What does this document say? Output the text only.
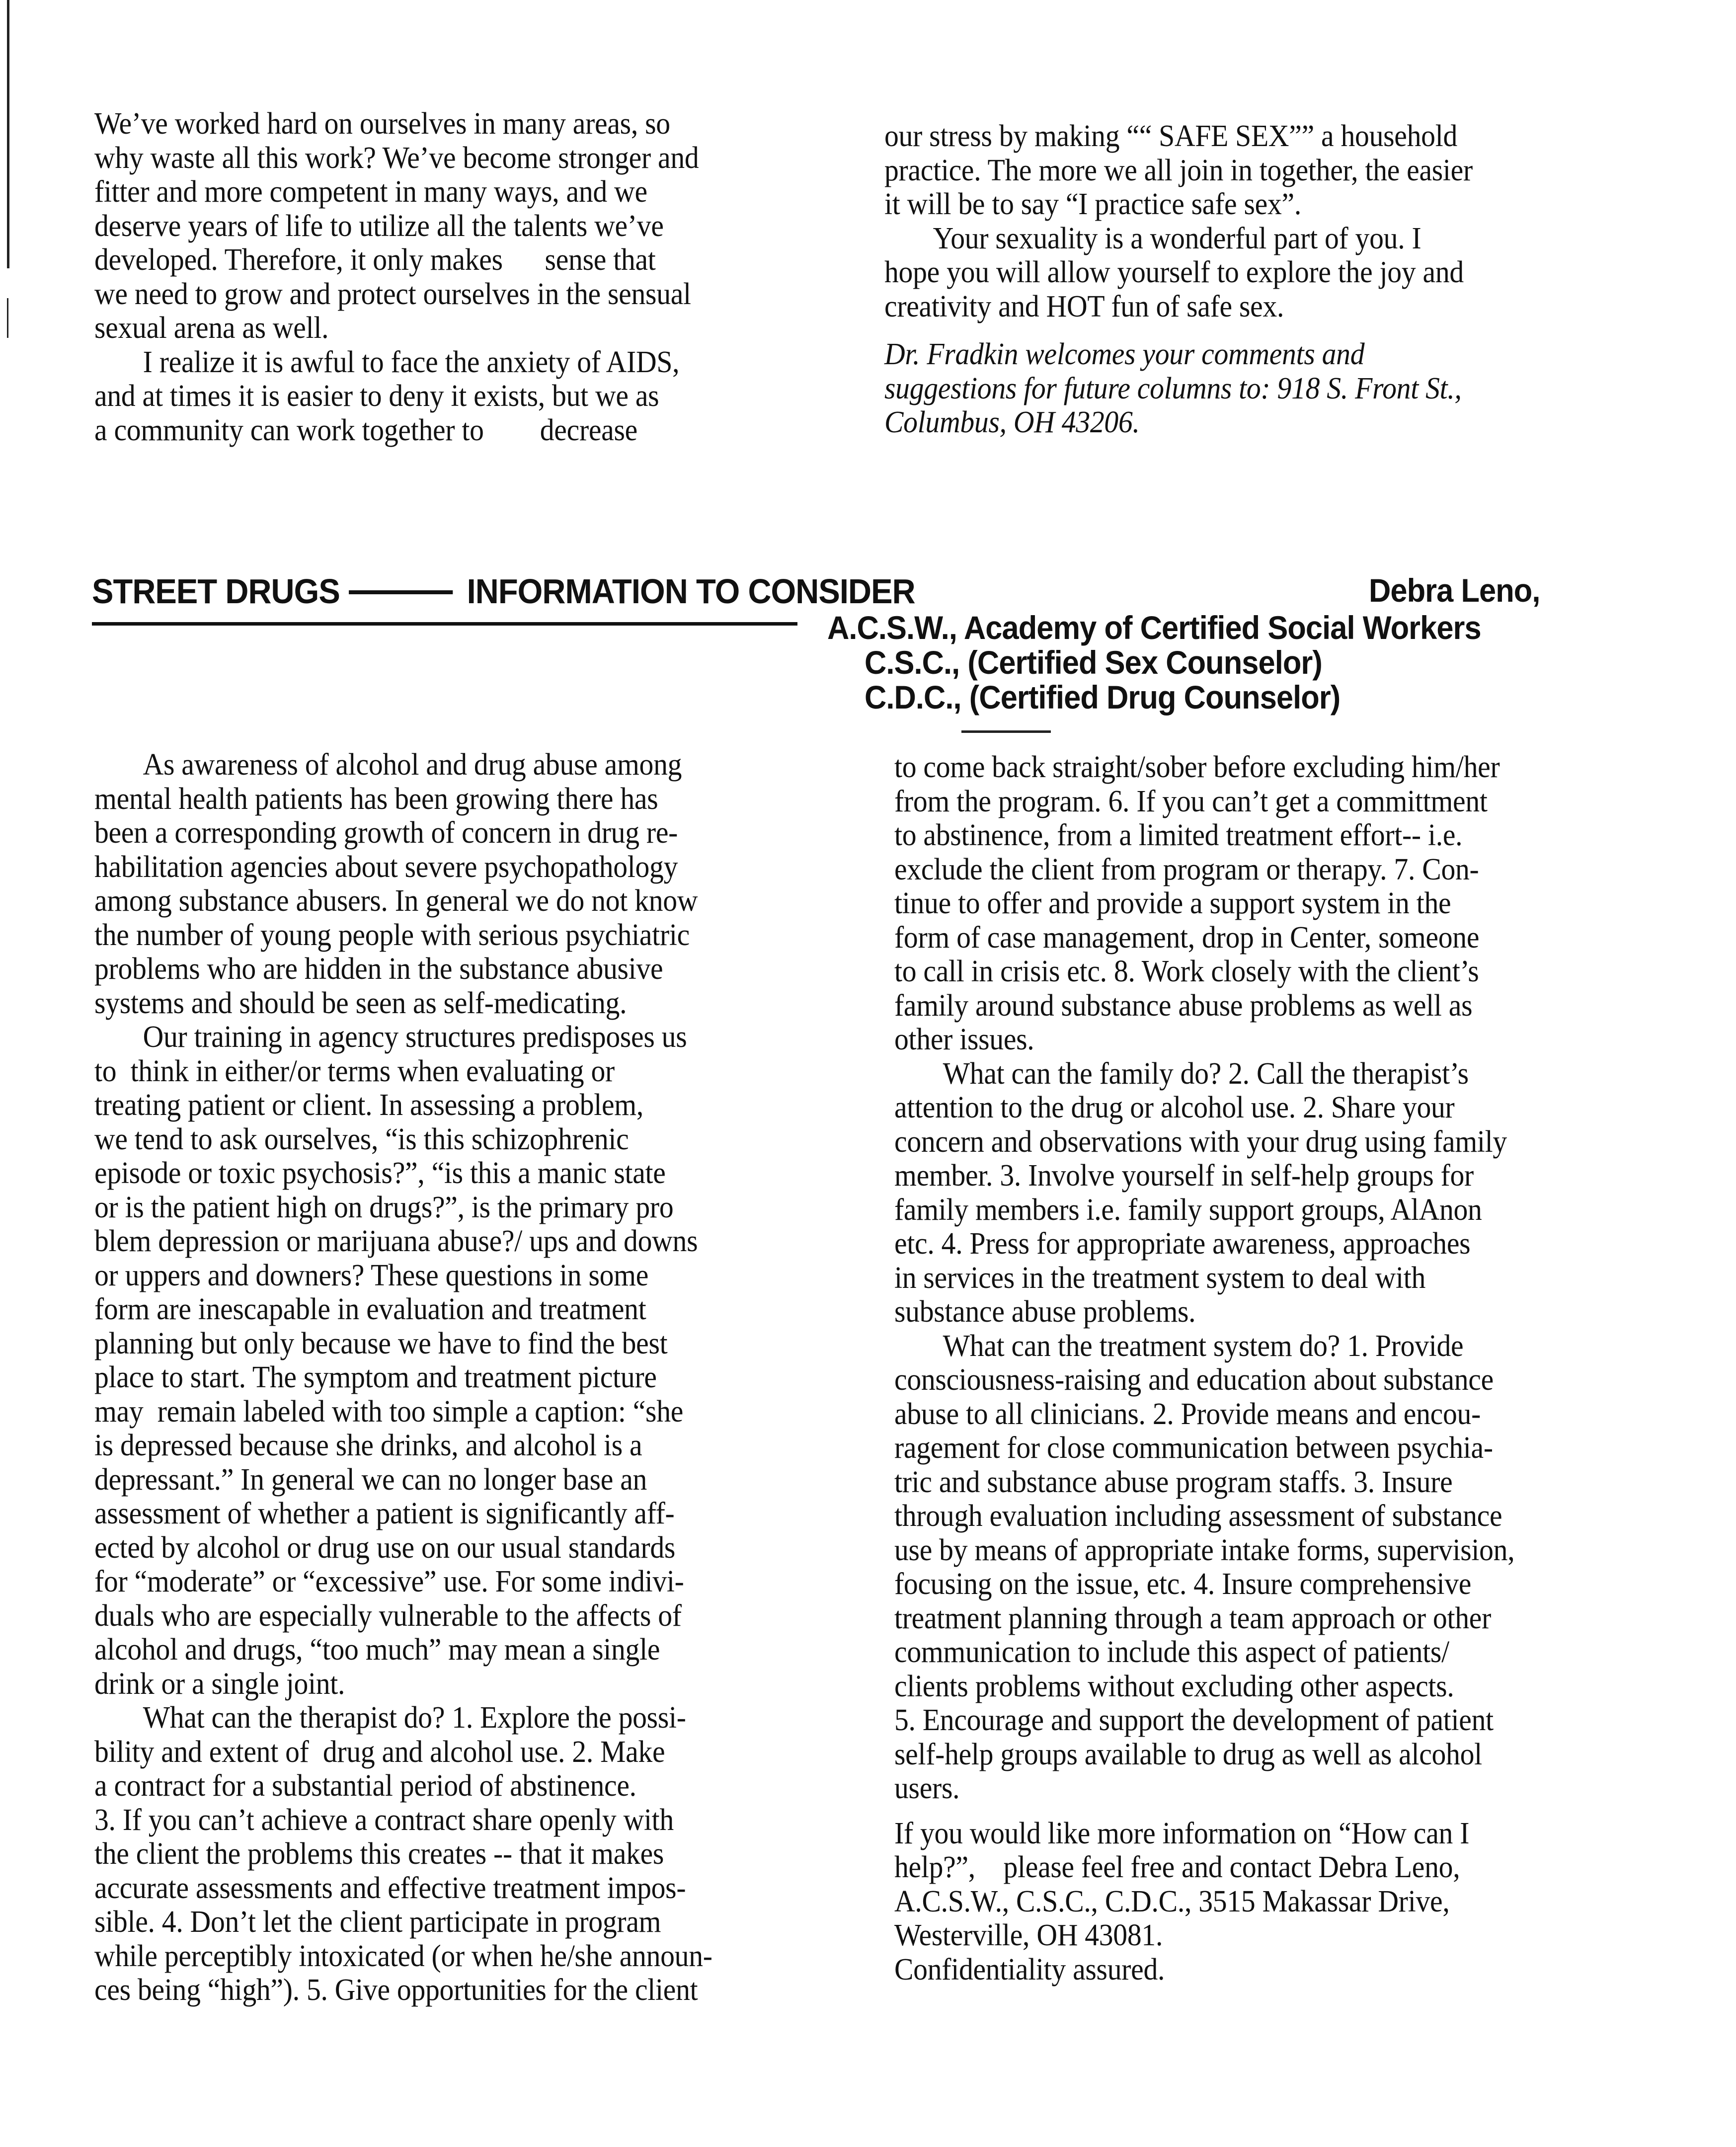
We’ve worked hard on ourselves in many areas, so
why waste all this work? We’ve become stronger and
fitter and more competent in many ways, and we
deserve years of life to utilize all the talents we’ve
developed. Therefore, it only makes      sense that
we need to grow and protect ourselves in the sensual
sexual arena as well.
I realize it is awful to face the anxiety of AIDS,
and at times it is easier to deny it exists, but we as
a community can work together to        decrease
our stress by making ““ SAFE SEX”” a household
practice. The more we all join in together, the easier
it will be to say “I practice safe sex”.
Your sexuality is a wonderful part of you. I
hope you will allow yourself to explore the joy and
creativity and HOT fun of safe sex.
Dr. Fradkin welcomes your comments and
suggestions for future columns to: 918 S. Front St.,
Columbus, OH 43206.
STREET DRUGS	INFORMATION TO CONSIDER	Debra Leno,
A.C.S.W., Academy of Certified Social Workers
C.S.C., (Certified Sex Counselor)
C.D.C., (Certified Drug Counselor)
As awareness of alcohol and drug abuse among
mental health patients has been growing there has
been a corresponding growth of concern in drug re-
habilitation agencies about severe psychopathology
among substance abusers. In general we do not know
the number of young people with serious psychiatric
problems who are hidden in the substance abusive
systems and should be seen as self-medicating.
Our training in agency structures predisposes us
to  think in either/or terms when evaluating or
treating patient or client. In assessing a problem,
we tend to ask ourselves, “is this schizophrenic
episode or toxic psychosis?”, “is this a manic state
or is the patient high on drugs?”, is the primary pro
blem depression or marijuana abuse?/ ups and downs
or uppers and downers? These questions in some
form are inescapable in evaluation and treatment
planning but only because we have to find the best
place to start. The symptom and treatment picture
may  remain labeled with too simple a caption: “she
is depressed because she drinks, and alcohol is a
depressant.” In general we can no longer base an
assessment of whether a patient is significantly aff-
ected by alcohol or drug use on our usual standards
for “moderate” or “excessive” use. For some indivi-
duals who are especially vulnerable to the affects of
alcohol and drugs, “too much” may mean a single
drink or a single joint.
What can the therapist do? 1. Explore the possi-
bility and extent of  drug and alcohol use. 2. Make
a contract for a substantial period of abstinence.
3. If you can’t achieve a contract share openly with
the client the problems this creates -- that it makes
accurate assessments and effective treatment impos-
sible. 4. Don’t let the client participate in program
while perceptibly intoxicated (or when he/she announ-
ces being “high”). 5. Give opportunities for the client
to come back straight/sober before excluding him/her
from the program. 6. If you can’t get a committment
to abstinence, from a limited treatment effort-- i.e.
exclude the client from program or therapy. 7. Con-
tinue to offer and provide a support system in the
form of case management, drop in Center, someone
to call in crisis etc. 8. Work closely with the client’s
family around substance abuse problems as well as
other issues.
What can the family do? 2. Call the therapist’s
attention to the drug or alcohol use. 2. Share your
concern and observations with your drug using family
member. 3. Involve yourself in self-help groups for
family members i.e. family support groups, AlAnon
etc. 4. Press for appropriate awareness, approaches
in services in the treatment system to deal with
substance abuse problems.
What can the treatment system do? 1. Provide
consciousness-raising and education about substance
abuse to all clinicians. 2. Provide means and encou-
ragement for close communication between psychia-
tric and substance abuse program staffs. 3. Insure
through evaluation including assessment of substance
use by means of appropriate intake forms, supervision,
focusing on the issue, etc. 4. Insure comprehensive
treatment planning through a team approach or other
communication to include this aspect of patients/
clients problems without excluding other aspects.
5. Encourage and support the development of patient
self-help groups available to drug as well as alcohol
users.
If you would like more information on “How can I
help?”,    please feel free and contact Debra Leno,
A.C.S.W., C.S.C., C.D.C., 3515 Makassar Drive,
Westerville, OH 43081.
Confidentiality assured.
